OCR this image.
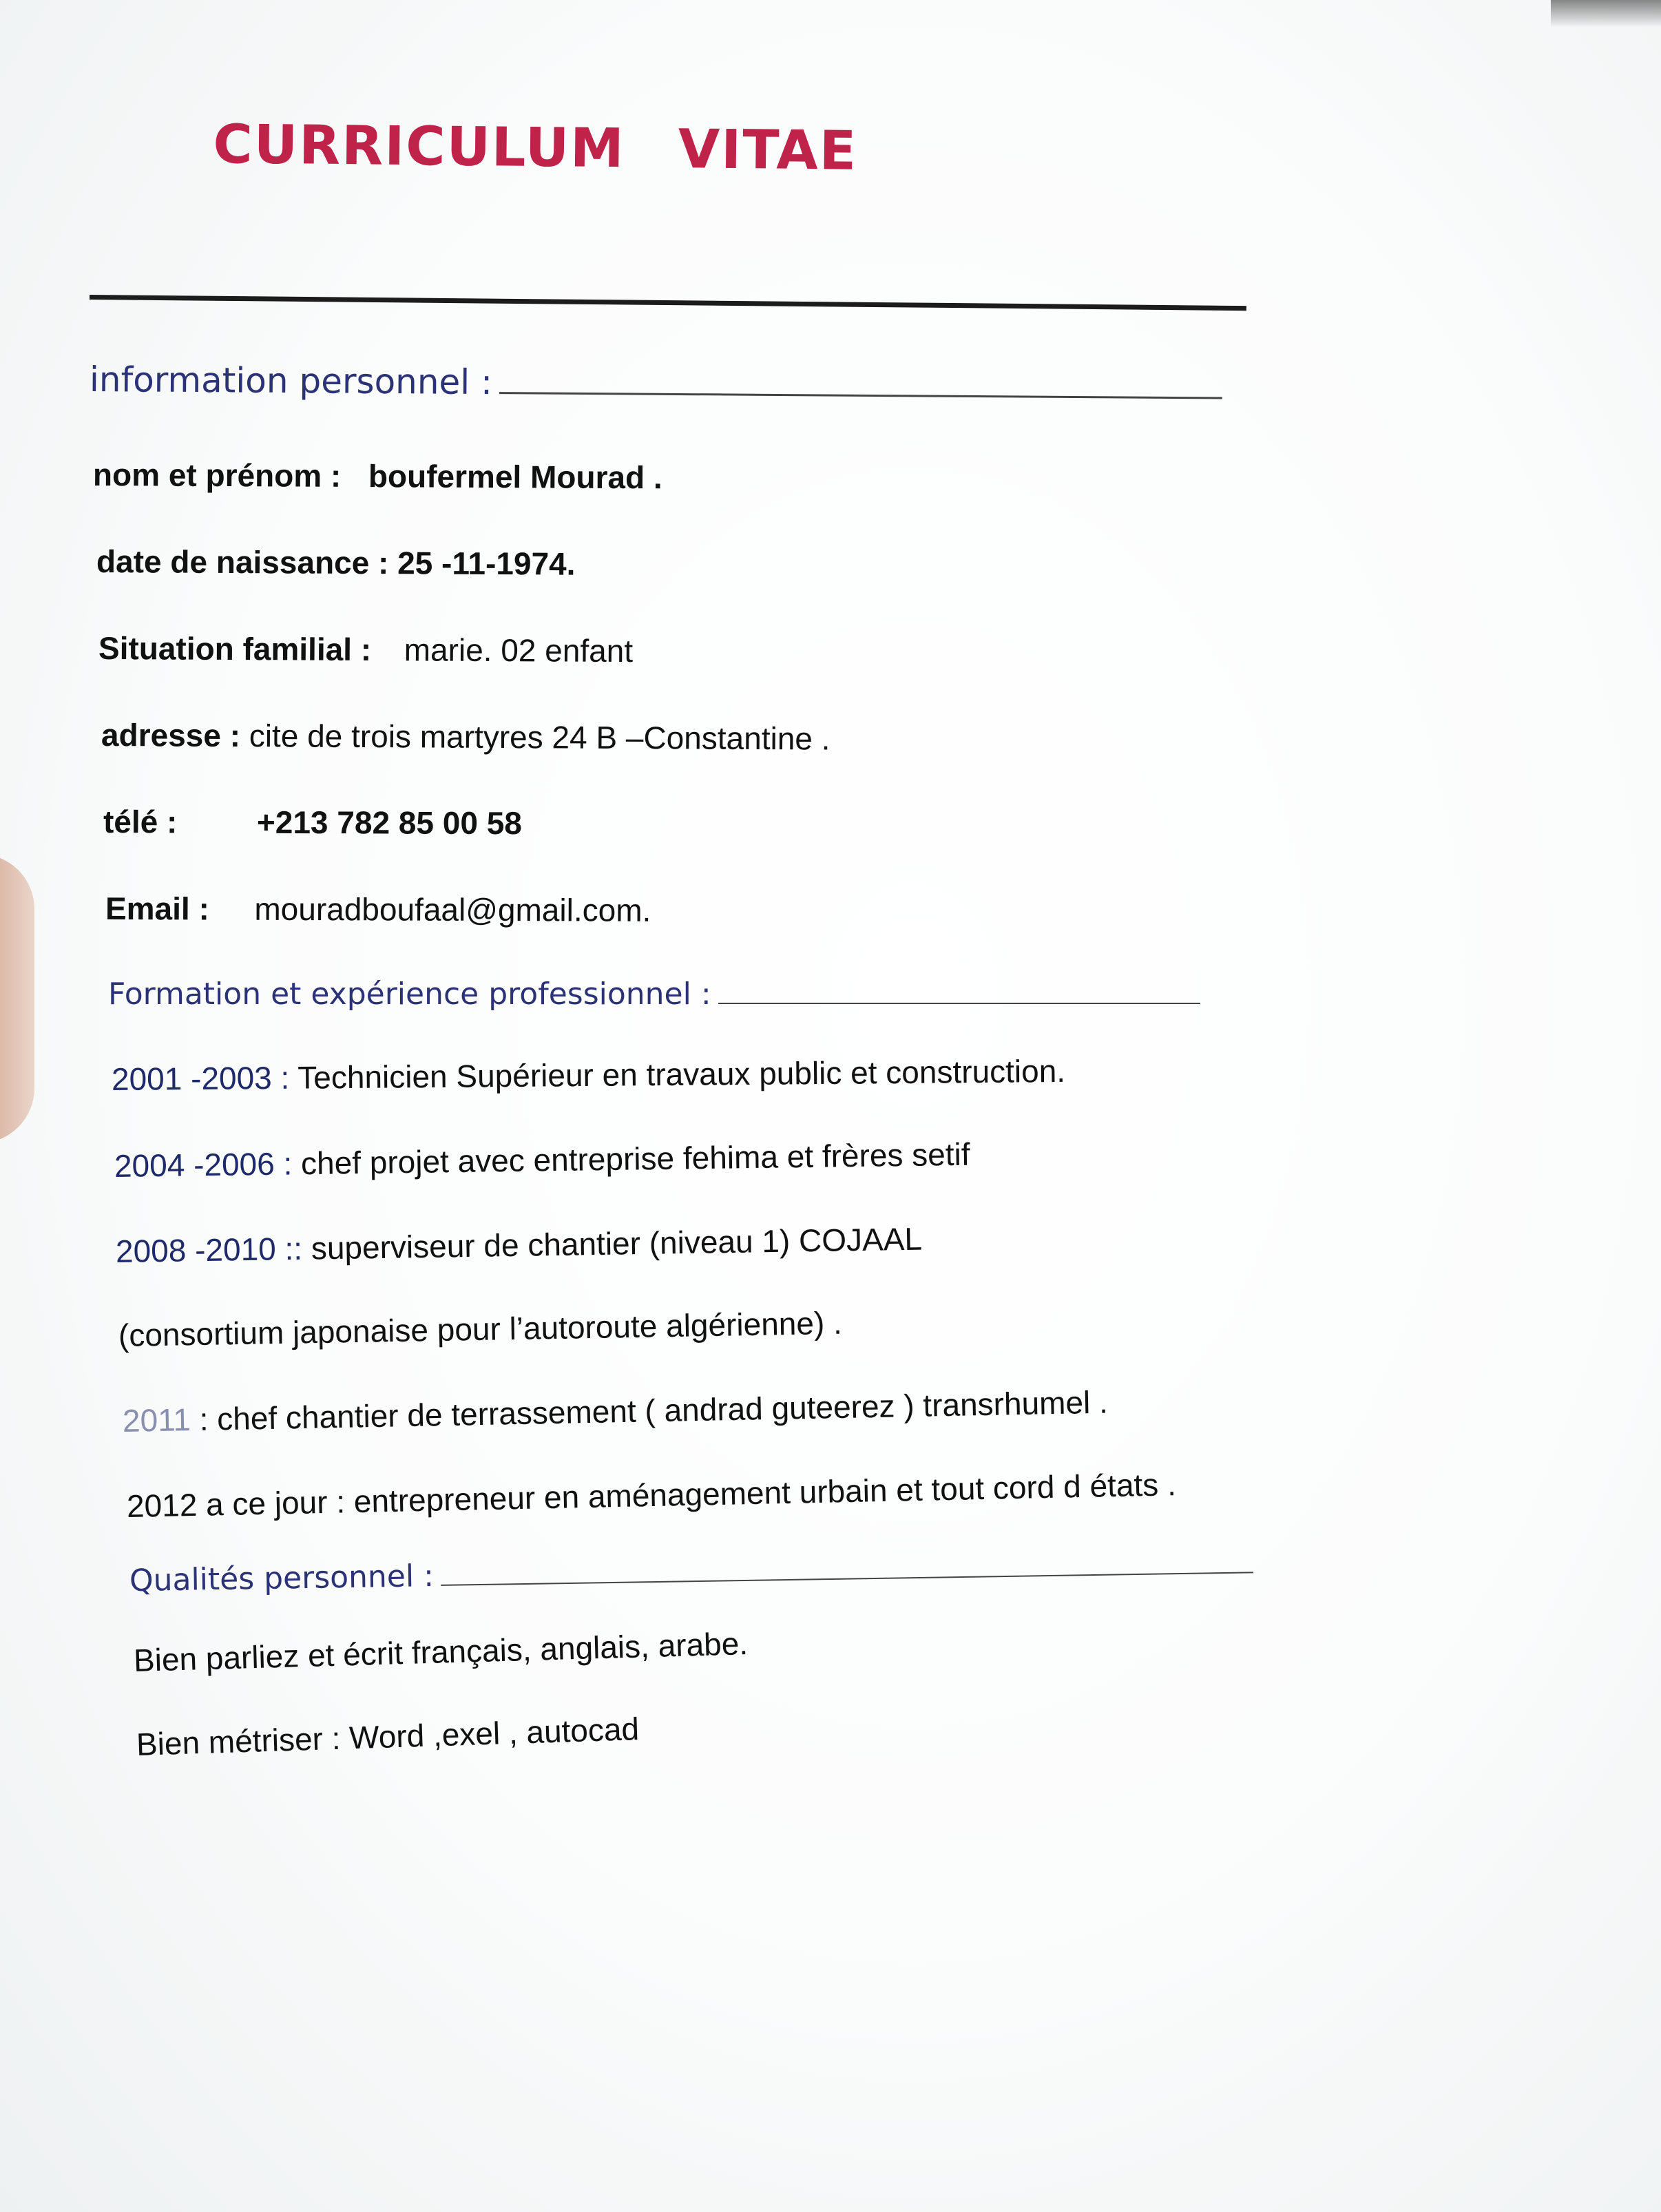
CURRICULUM VITAE
information personnel :
nom et prénom : boufermel Mourad .
date de naissance : 25 -11-1974.
Situation familial : marie. 02 enfant
adresse : cite de trois martyres 24 B –Constantine .
télé :	+213 782 85 00 58
Email : mouradboufaal@gmail.com.
Formation et expérience professionnel :
2001 -2003 : Technicien Supérieur en travaux public et construction.
2004 -2006 : chef projet avec entreprise fehima et frères setif
2008 -2010 :: superviseur de chantier (niveau 1) COJAAL
(consortium japonaise pour l’autoroute algérienne) .
2011 : chef chantier de terrassement ( andrad guteerez ) transrhumel .
2012 a ce jour : entrepreneur en aménagement urbain et tout cord d états .
Qualités personnel :
Bien parliez et écrit français, anglais, arabe.
Bien métriser : Word ,exel , autocad
